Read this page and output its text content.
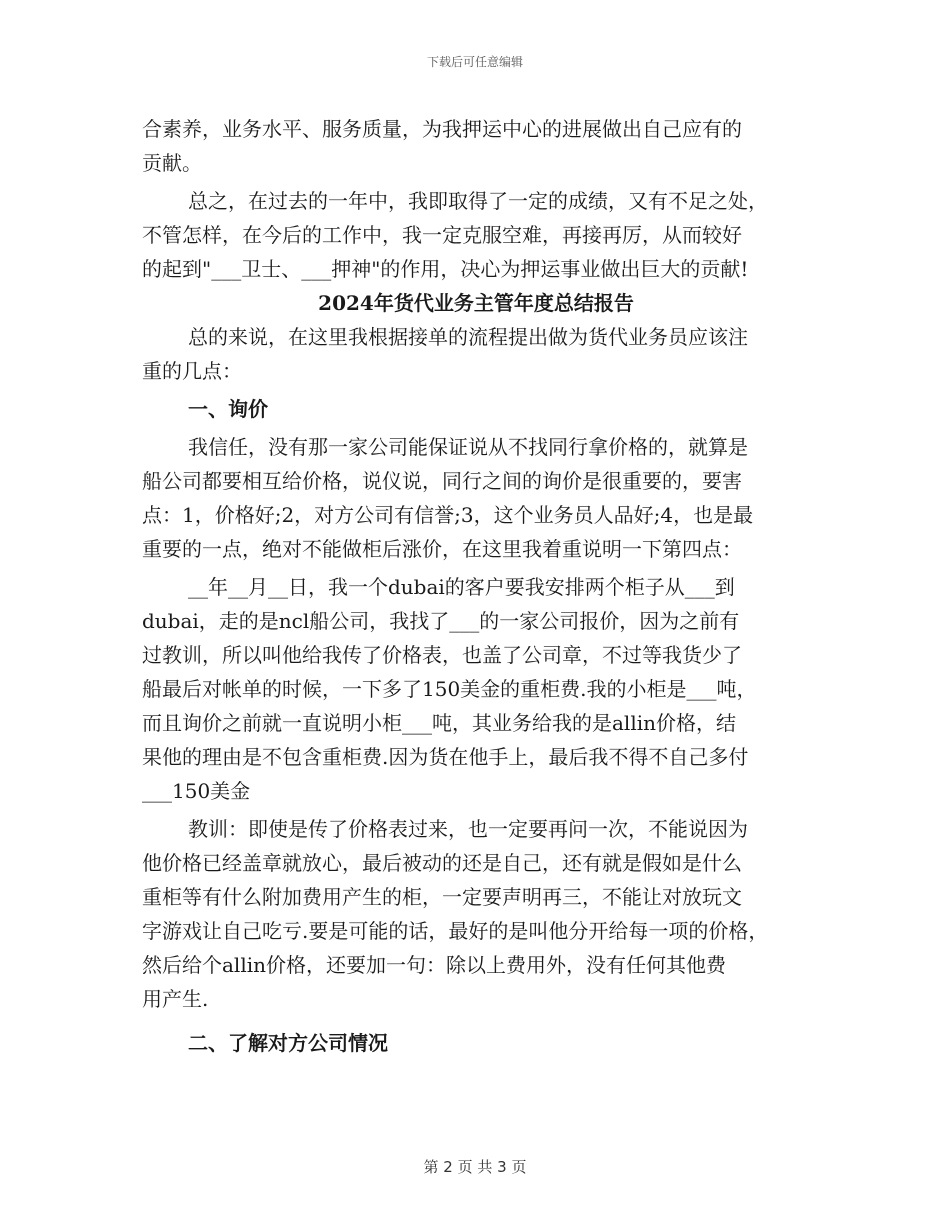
下载后可任意编辑
合素养，业务水平、服务质量，为我押运中心的进展做出自己应有的
贡献。
总之，在过去的一年中，我即取得了一定的成绩，又有不足之处，
不管怎样，在今后的工作中，我一定克服空难，再接再厉，从而较好
的起到"___卫士、___押神"的作用，决心为押运事业做出巨大的贡献!
2024年货代业务主管年度总结报告
总的来说，在这里我根据接单的流程提出做为货代业务员应该注
重的几点：
一、询价
我信任，没有那一家公司能保证说从不找同行拿价格的，就算是
船公司都要相互给价格，说仪说，同行之间的询价是很重要的，要害
点：1，价格好;2，对方公司有信誉;3，这个业务员人品好;4，也是最
重要的一点，绝对不能做柜后涨价，在这里我着重说明一下第四点：
__年__月__日，我一个dubai的客户要我安排两个柜子从___到
dubai，走的是ncl船公司，我找了___的一家公司报价，因为之前有
过教训，所以叫他给我传了价格表，也盖了公司章，不过等我货少了
船最后对帐单的时候，一下多了150美金的重柜费.我的小柜是___吨，
而且询价之前就一直说明小柜___吨，其业务给我的是allin价格，结
果他的理由是不包含重柜费.因为货在他手上，最后我不得不自己多付
___150美金
教训：即使是传了价格表过来，也一定要再问一次，不能说因为
他价格已经盖章就放心，最后被动的还是自己，还有就是假如是什么
重柜等有什么附加费用产生的柜，一定要声明再三，不能让对放玩文
字游戏让自己吃亏.要是可能的话，最好的是叫他分开给每一项的价格，
然后给个allin价格，还要加一句：除以上费用外，没有任何其他费
用产生.
二、了解对方公司情况
第 2 页 共 3 页
